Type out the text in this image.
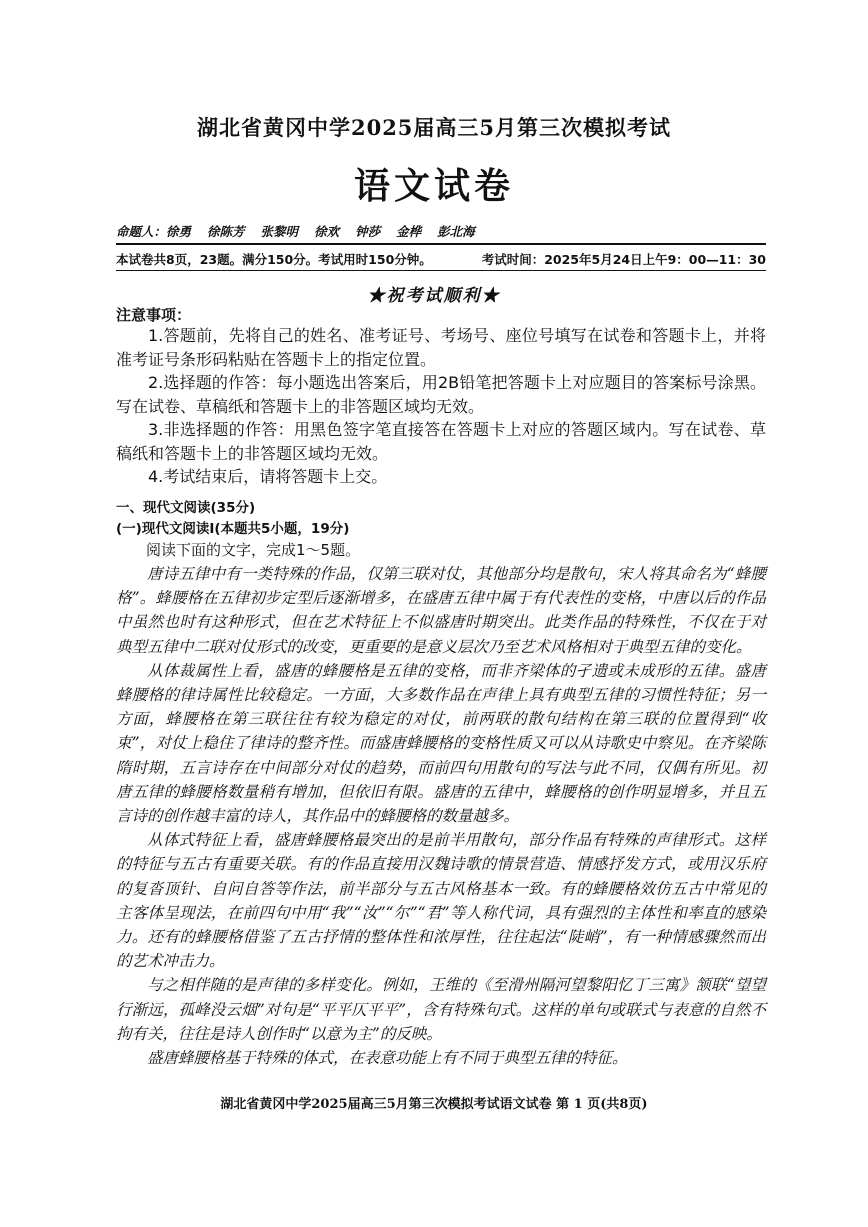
湖北省黄冈中学2025届高三5月第三次模拟考试
语文试卷
命题人：徐勇 徐陈芳 张黎明 徐欢 钟莎 金桦 彭北海
本试卷共8页，23题。满分150分。考试用时150分钟。	考试时间：2025年5月24日上午9：00—11：30
★祝考试顺利★
注意事项：

1.答题前，先将自己的姓名、准考证号、考场号、座位号填写在试卷和答题卡上，并将准考证号条形码粘贴在答题卡上的指定位置。

2.选择题的作答：每小题选出答案后，用2B铅笔把答题卡上对应题目的答案标号涂黑。写在试卷、草稿纸和答题卡上的非答题区域均无效。

3.非选择题的作答：用黑色签字笔直接答在答题卡上对应的答题区域内。写在试卷、草稿纸和答题卡上的非答题区域均无效。

4.考试结束后，请将答题卡上交。

一、现代文阅读(35分)
(一)现代文阅读Ⅰ(本题共5小题，19分)
阅读下面的文字，完成1～5题。

唐诗五律中有一类特殊的作品，仅第三联对仗，其他部分均是散句，宋人将其命名为“蜂腰格”。蜂腰格在五律初步定型后逐渐增多，在盛唐五律中属于有代表性的变格，中唐以后的作品中虽然也时有这种形式，但在艺术特征上不似盛唐时期突出。此类作品的特殊性，不仅在于对典型五律中二联对仗形式的改变，更重要的是意义层次乃至艺术风格相对于典型五律的变化。

从体裁属性上看，盛唐的蜂腰格是五律的变格，而非齐梁体的孑遗或未成形的五律。盛唐蜂腰格的律诗属性比较稳定。一方面，大多数作品在声律上具有典型五律的习惯性特征；另一方面，蜂腰格在第三联往往有较为稳定的对仗，前两联的散句结构在第三联的位置得到“收束”，对仗上稳住了律诗的整齐性。而盛唐蜂腰格的变格性质又可以从诗歌史中察见。在齐梁陈隋时期，五言诗存在中间部分对仗的趋势，而前四句用散句的写法与此不同，仅偶有所见。初唐五律的蜂腰格数量稍有增加，但依旧有限。盛唐的五律中，蜂腰格的创作明显增多，并且五言诗的创作越丰富的诗人，其作品中的蜂腰格的数量越多。

从体式特征上看，盛唐蜂腰格最突出的是前半用散句，部分作品有特殊的声律形式。这样的特征与五古有重要关联。有的作品直接用汉魏诗歌的情景营造、情感抒发方式，或用汉乐府的复沓顶针、自问自答等作法，前半部分与五古风格基本一致。有的蜂腰格效仿五古中常见的主客体呈现法，在前四句中用“我”“汝”“尔”“君”等人称代词，具有强烈的主体性和率直的感染力。还有的蜂腰格借鉴了五古抒情的整体性和浓厚性，往往起法“陡峭”，有一种情感骤然而出的艺术冲击力。

与之相伴随的是声律的多样变化。例如，王维的《至滑州隔河望黎阳忆丁三寓》颔联“望望行渐远，孤峰没云烟”对句是“平平仄平平”，含有特殊句式。这样的单句或联式与表意的自然不拘有关，往往是诗人创作时“以意为主”的反映。

盛唐蜂腰格基于特殊的体式，在表意功能上有不同于典型五律的特征。

湖北省黄冈中学2025届高三5月第三次模拟考试语文试卷 第 1 页(共8页)
